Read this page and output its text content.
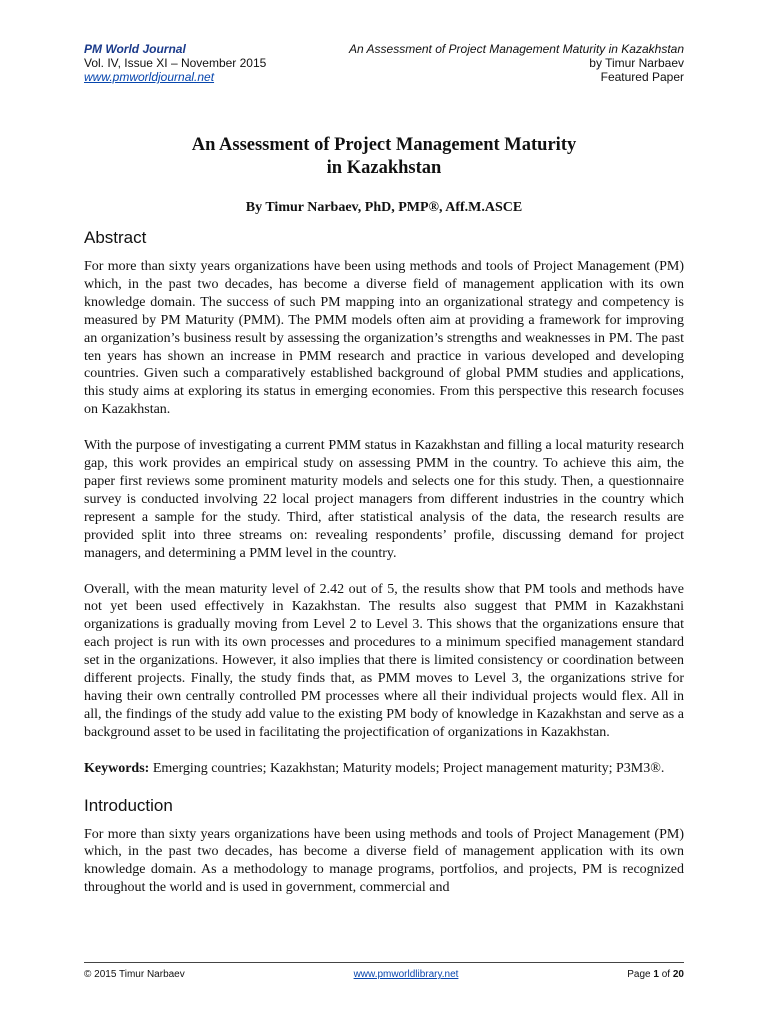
PM World Journal	An Assessment of Project Management Maturity in Kazakhstan
Vol. IV, Issue XI – November 2015	by Timur Narbaev
www.pmworldjournal.net	Featured Paper
An Assessment of Project Management Maturity
in Kazakhstan
By Timur Narbaev, PhD, PMP®, Aff.M.ASCE
Abstract

For more than sixty years organizations have been using methods and tools of Project Management (PM) which, in the past two decades, has become a diverse field of management application with its own knowledge domain. The success of such PM mapping into an organizational strategy and competency is measured by PM Maturity (PMM). The PMM models often aim at providing a framework for improving an organization’s business result by assessing the organization’s strengths and weaknesses in PM. The past ten years has shown an increase in PMM research and practice in various developed and developing countries. Given such a comparatively established background of global PMM studies and applications, this study aims at exploring its status in emerging economies. From this perspective this research focuses on Kazakhstan.

With the purpose of investigating a current PMM status in Kazakhstan and filling a local maturity research gap, this work provides an empirical study on assessing PMM in the country. To achieve this aim, the paper first reviews some prominent maturity models and selects one for this study. Then, a questionnaire survey is conducted involving 22 local project managers from different industries in the country which represent a sample for the study. Third, after statistical analysis of the data, the research results are provided split into three streams on: revealing respondents’ profile, discussing demand for project managers, and determining a PMM level in the country.

Overall, with the mean maturity level of 2.42 out of 5, the results show that PM tools and methods have not yet been used effectively in Kazakhstan. The results also suggest that PMM in Kazakhstani organizations is gradually moving from Level 2 to Level 3. This shows that the organizations ensure that each project is run with its own processes and procedures to a minimum specified management standard set in the organizations. However, it also implies that there is limited consistency or coordination between different projects. Finally, the study finds that, as PMM moves to Level 3, the organizations strive for having their own centrally controlled PM processes where all their individual projects would flex. All in all, the findings of the study add value to the existing PM body of knowledge in Kazakhstan and serve as a background asset to be used in facilitating the projectification of organizations in Kazakhstan.

Keywords: Emerging countries; Kazakhstan; Maturity models; Project management maturity; P3M3®.

Introduction

For more than sixty years organizations have been using methods and tools of Project Management (PM) which, in the past two decades, has become a diverse field of management application with its own knowledge domain. As a methodology to manage programs, portfolios, and projects, PM is recognized throughout the world and is used in government, commercial and

© 2015 Timur Narbaev	www.pmworldlibrary.net	Page 1 of 20
